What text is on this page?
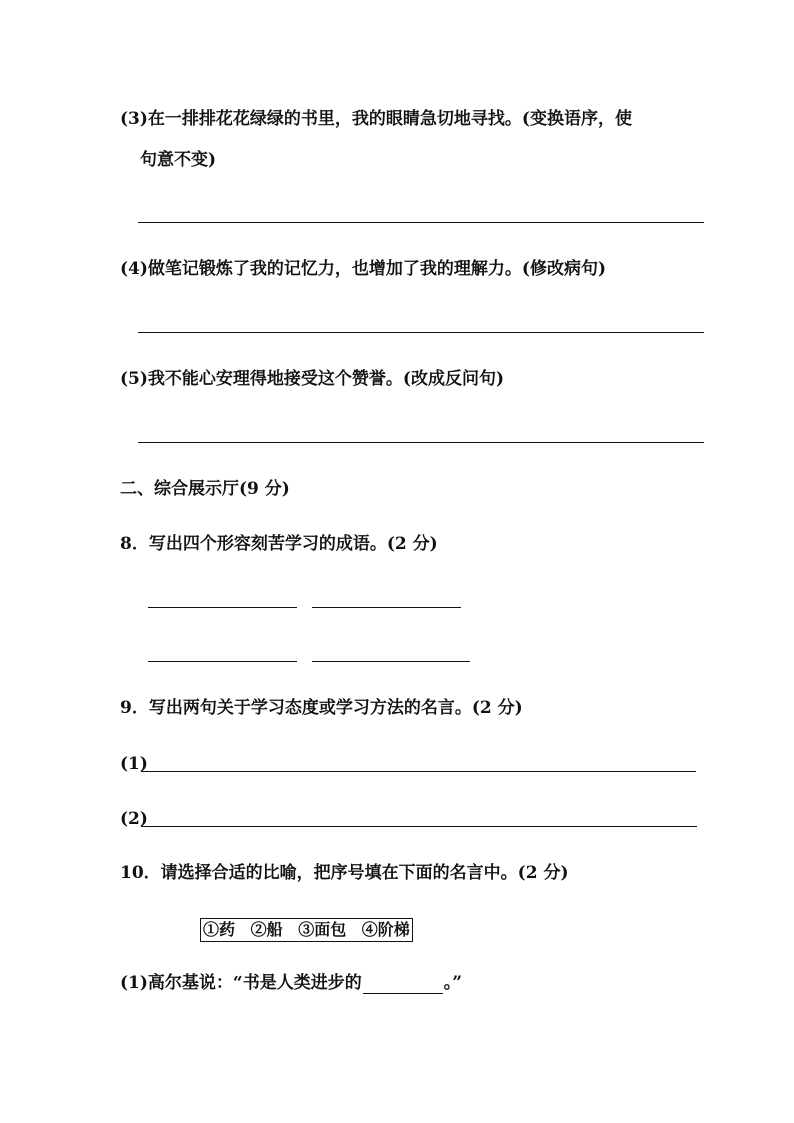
(3)在一排排花花绿绿的书里，我的眼睛急切地寻找。(变换语序，使
句意不变)
(4)做笔记锻炼了我的记忆力，也增加了我的理解力。(修改病句)
(5)我不能心安理得地接受这个赞誉。(改成反问句)
二、综合展示厅(9 分)
8．写出四个形容刻苦学习的成语。(2 分)
9．写出两句关于学习态度或学习方法的名言。(2 分)
(1)
(2)
10．请选择合适的比喻，把序号填在下面的名言中。(2 分)
①药 ②船 ③面包 ④阶梯
(1)高尔基说：“书是人类进步的	。”
